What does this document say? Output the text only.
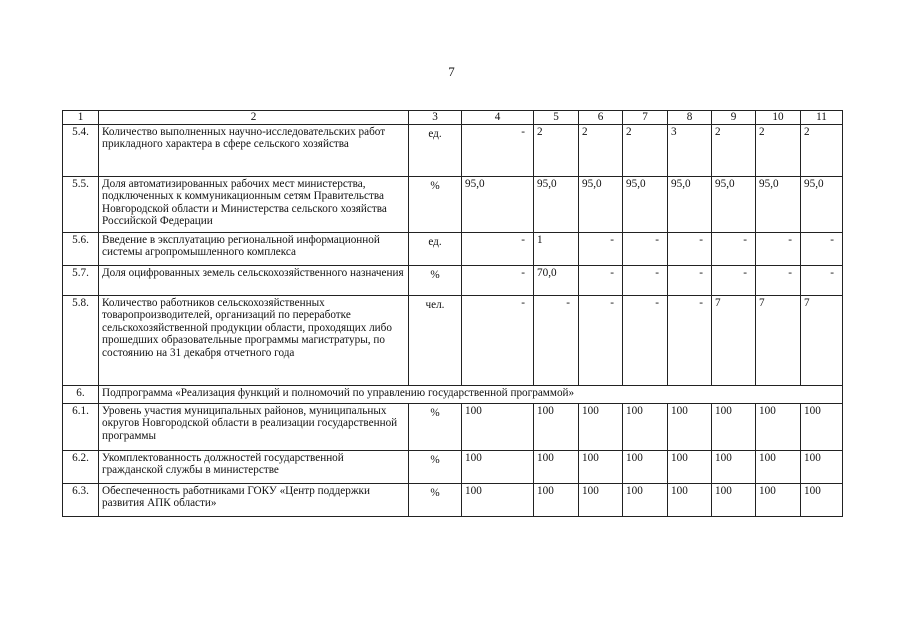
7
1	2	3	4	5	6	7	8	9	10	11
5.4.	Количество выполненных научно-исследовательских работ прикладного характера в сфере сельского хозяйства	ед.	-	2	2	2	3	2	2	2
5.5.	Доля автоматизированных рабочих мест министерства, подключенных к коммуникационным сетям Правительства Новгородской области и Министерства сельского хозяйства Российской Федерации	%	95,0	95,0	95,0	95,0	95,0	95,0	95,0	95,0
5.6.	Введение в эксплуатацию региональной информационной системы агропромышленного комплекса	ед.	-	1	-	-	-	-	-	-
5.7.	Доля оцифрованных земель сельскохозяйственного назначения	%	-	70,0	-	-	-	-	-	-
5.8.	Количество работников сельскохозяйственных товаропроизводителей, организаций по переработке сельскохозяйственной продукции области, проходящих либо прошедших образовательные программы магистратуры, по состоянию на 31 декабря отчетного года	чел.	-	-	-	-	-	7	7	7
6.	Подпрограмма «Реализация функций и полномочий по управлению государственной программой»									
6.1.	Уровень участия муниципальных районов, муниципальных округов Новгородской области в реализации государственной программы	%	100	100	100	100	100	100	100	100
6.2.	Укомплектованность должностей государственной гражданской службы в министерстве	%	100	100	100	100	100	100	100	100
6.3.	Обеспеченность работниками ГОКУ «Центр поддержки развития АПК области»	%	100	100	100	100	100	100	100	100
